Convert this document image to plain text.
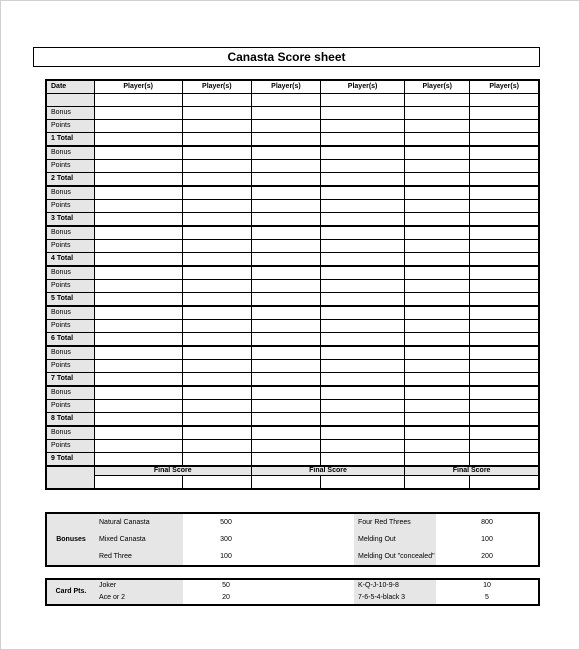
Canasta Score sheet
Date	Player(s)	Player(s)	Player(s)	Player(s)	Player(s)	Player(s)

Bonus						
Points						
1 Total						
Bonus						
Points						
2 Total						
Bonus						
Points						
3 Total						
Bonus						
Points						
4 Total						
Bonus						
Points						
5 Total						
Bonus						
Points						
6 Total						
Bonus						
Points						
7 Total						
Bonus						
Points						
8 Total						
Bonus						
Points						
9 Total						
	Final Score		Final Score		Final Score	

Bonuses	Natural Canasta	500		Four Red Threes	800
	Mixed Canasta	300		Melding Out	100
	Red Three	100		Melding Out "concealed"	200
Card Pts.	Joker	50		K-Q-J-10-9-8	10
	Ace or 2	20		7-6-5-4-black 3	5
